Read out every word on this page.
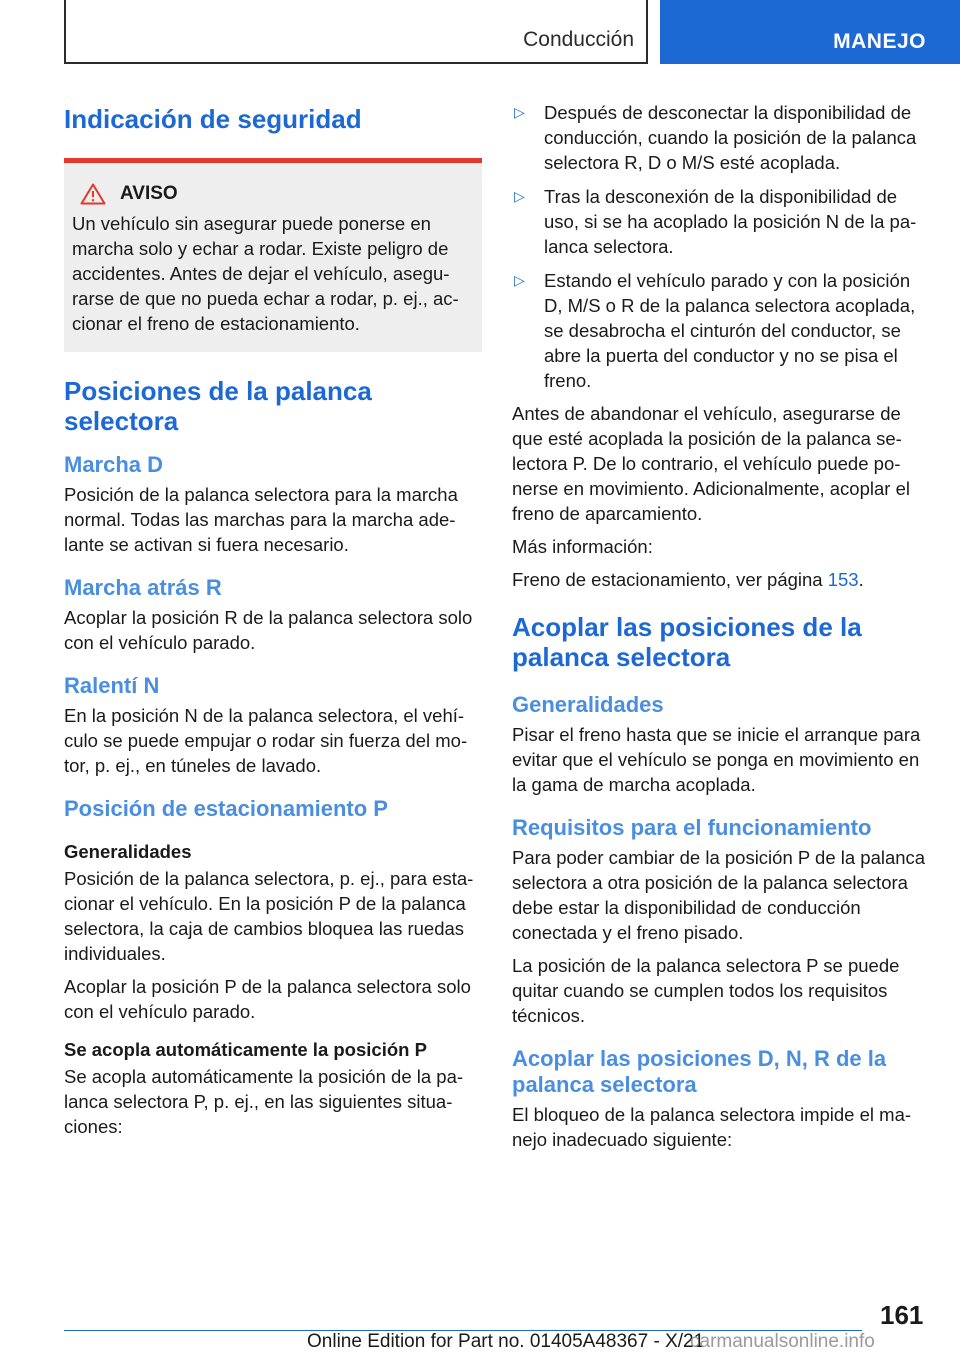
Conducción	MANEJO
Indicación de seguridad
AVISO

Un vehículo sin asegurar puede ponerse en marcha solo y echar a rodar. Existe peligro de accidentes. Antes de dejar el vehículo, asegurarse de que no pueda echar a rodar, p. ej., accionar el freno de estacionamiento.

Posiciones de la palanca selectora
Marcha D

Posición de la palanca selectora para la marcha normal. Todas las marchas para la marcha adelante se activan si fuera necesario.

Marcha atrás R

Acoplar la posición R de la palanca selectora solo con el vehículo parado.

Ralentí N

En la posición N de la palanca selectora, el vehículo se puede empujar o rodar sin fuerza del motor, p. ej., en túneles de lavado.

Posición de estacionamiento P
Generalidades

Posición de la palanca selectora, p. ej., para estacionar el vehículo. En la posición P de la palanca selectora, la caja de cambios bloquea las ruedas individuales.

Acoplar la posición P de la palanca selectora solo con el vehículo parado.

Se acopla automáticamente la posición P

Se acopla automáticamente la posición de la palanca selectora P, p. ej., en las siguientes situaciones:

▷	Después de desconectar la disponibilidad de conducción, cuando la posición de la palanca selectora R, D o M/S esté acoplada.
▷	Tras la desconexión de la disponibilidad de uso, si se ha acoplado la posición N de la palanca selectora.
▷	Estando el vehículo parado y con la posición D, M/S o R de la palanca selectora acoplada, se desabrocha el cinturón del conductor, se abre la puerta del conductor y no se pisa el freno.

Antes de abandonar el vehículo, asegurarse de que esté acoplada la posición de la palanca selectora P. De lo contrario, el vehículo puede ponerse en movimiento. Adicionalmente, acoplar el freno de aparcamiento.

Más información:

Freno de estacionamiento, ver página 153.

Acoplar las posiciones de la palanca selectora
Generalidades

Pisar el freno hasta que se inicie el arranque para evitar que el vehículo se ponga en movimiento en la gama de marcha acoplada.

Requisitos para el funcionamiento

Para poder cambiar de la posición P de la palanca selectora a otra posición de la palanca selectora debe estar la disponibilidad de conducción conectada y el freno pisado.

La posición de la palanca selectora P se puede quitar cuando se cumplen todos los requisitos técnicos.

Acoplar las posiciones D, N, R de la palanca selectora

El bloqueo de la palanca selectora impide el manejo inadecuado siguiente:

161
Online Edition for Part no. 01405A48367 - X/21
carmanualsonline.info
